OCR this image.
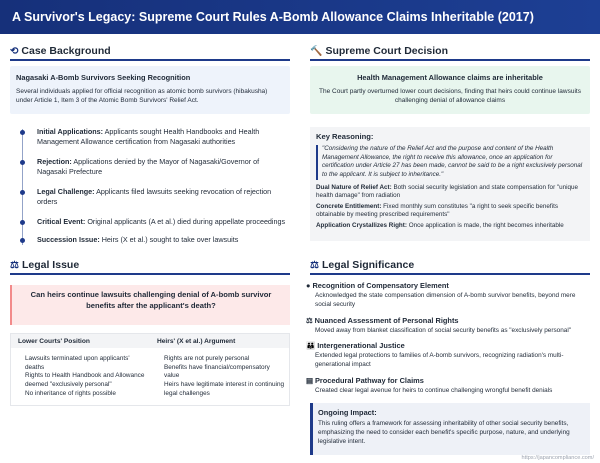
A Survivor's Legacy: Supreme Court Rules A-Bomb Allowance Claims Inheritable (2017)
⟲ Case Background
Nagasaki A-Bomb Survivors Seeking Recognition
Several individuals applied for official recognition as atomic bomb survivors (hibakusha) under Article 1, Item 3 of the Atomic Bomb Survivors' Relief Act.
Initial Applications: Applicants sought Health Handbooks and Health Management Allowance certification from Nagasaki authorities
Rejection: Applications denied by the Mayor of Nagasaki/Governor of Nagasaki Prefecture
Legal Challenge: Applicants filed lawsuits seeking revocation of rejection orders
Critical Event: Original applicants (A et al.) died during appellate proceedings
Succession Issue: Heirs (X et al.) sought to take over lawsuits
⚖ Legal Issue
Can heirs continue lawsuits challenging denial of A-bomb survivor benefits after the applicant's death?
Lower Courts' Position	Heirs' (X et al.) Argument
Lawsuits terminated upon applicants' deaths
Rights to Health Handbook and Allowance deemed "exclusively personal"
No inheritance of rights possible
Rights are not purely personal
Benefits have financial/compensatory value
Heirs have legitimate interest in continuing legal challenges
🔨 Supreme Court Decision
Health Management Allowance claims are inheritable
The Court partly overturned lower court decisions, finding that heirs could continue lawsuits challenging denial of allowance claims
Key Reasoning:
"Considering the nature of the Relief Act and the purpose and content of the Health Management Allowance, the right to receive this allowance, once an application for certification under Article 27 has been made, cannot be said to be a right exclusively personal to the applicant. It is subject to inheritance."
Dual Nature of Relief Act: Both social security legislation and state compensation for "unique health damage" from radiation
Concrete Entitlement: Fixed monthly sum constitutes "a right to seek specific benefits obtainable by meeting prescribed requirements"
Application Crystallizes Right: Once application is made, the right becomes inheritable
⚖ Legal Significance
● Recognition of Compensatory Element
Acknowledged the state compensation dimension of A-bomb survivor benefits, beyond mere social security
⚖ Nuanced Assessment of Personal Rights
Moved away from blanket classification of social security benefits as "exclusively personal"
👪 Intergenerational Justice
Extended legal protections to families of A-bomb survivors, recognizing radiation's multi-generational impact
▤ Procedural Pathway for Claims
Created clear legal avenue for heirs to continue challenging wrongful benefit denials
Ongoing Impact:
This ruling offers a framework for assessing inheritability of other social security benefits, emphasizing the need to consider each benefit's specific purpose, nature, and underlying legislative intent.
https://japancompliance.com/
